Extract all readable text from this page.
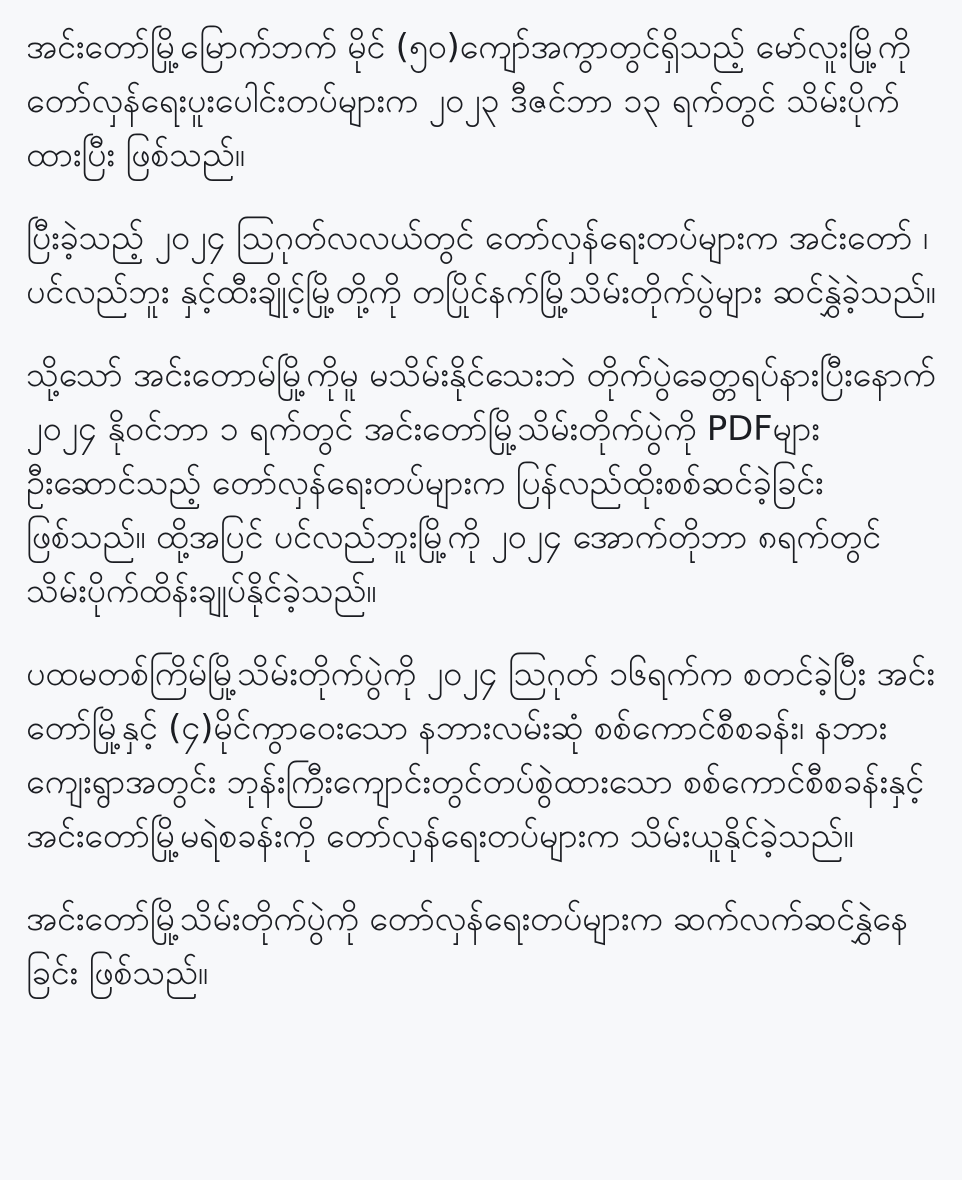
အင်းတော်မြို့မြောက်ဘက် မိုင် (၅၀)ကျော်အကွာတွင်ရှိသည့် မော်လူးမြို့ကို တော်လှန်ရေးပူးပေါင်းတပ်များက ၂၀၂၃ ဒီဇင်ဘာ ၁၃ ရက်တွင် သိမ်းပိုက်ထားပြီး ဖြစ်သည်။

ပြီးခဲ့သည့် ၂၀၂၄ ဩဂုတ်လလယ်တွင် တော်လှန်ရေးတပ်များက အင်းတော် ၊ပင်လည်ဘူး နှင့်ထီးချိုင့်မြို့တို့ကို တပြိုင်နက်မြို့သိမ်းတိုက်ပွဲများ ဆင်နွှဲခဲ့သည်။

သို့သော် အင်းတောမ်မြို့ကိုမူ မသိမ်းနိုင်သေးဘဲ တိုက်ပွဲခေတ္တရပ်နားပြီးနောက် ၂၀၂၄ နိုဝင်ဘာ ၁ ရက်တွင် အင်းတော်မြို့သိမ်းတိုက်ပွဲကို PDFများ ဦးဆောင်သည့် တော်လှန်ရေးတပ်များက ပြန်လည်ထိုးစစ်ဆင်ခဲ့ခြင်း ဖြစ်သည်။ ထို့အပြင် ပင်လည်ဘူးမြို့ကို ၂၀၂၄ အောက်တိုဘာ ၈ရက်တွင် သိမ်းပိုက်ထိန်းချုပ်နိုင်ခဲ့သည်။

ပထမတစ်ကြိမ်မြို့သိမ်းတိုက်ပွဲကို ၂၀၂၄ ဩဂုတ် ၁၆ရက်က စတင်ခဲ့ပြီး အင်းတော်မြို့နှင့် (၄)မိုင်ကွာဝေးသော နဘားလမ်းဆုံ စစ်ကောင်စီစခန်း၊ နဘားကျေးရွာအတွင်း ဘုန်းကြီးကျောင်းတွင်တပ်စွဲထားသော စစ်ကောင်စီစခန်းနှင့် အင်းတော်မြို့မရဲစခန်းကို တော်လှန်ရေးတပ်များက သိမ်းယူနိုင်ခဲ့သည်။

အင်းတော်မြို့သိမ်းတိုက်ပွဲကို တော်လှန်ရေးတပ်များက ဆက်လက်ဆင်နွှဲနေခြင်း ဖြစ်သည်။
